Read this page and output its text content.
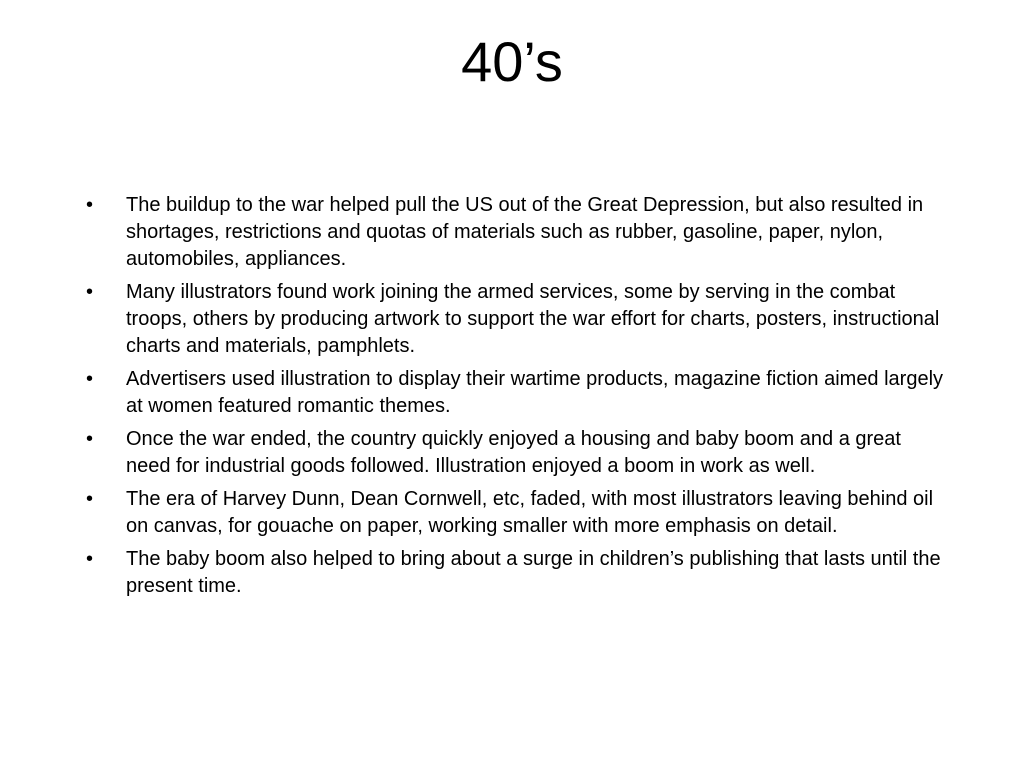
40’s
•	The buildup to the war helped pull the US out of the Great Depression, but also resulted in shortages, restrictions and quotas of materials such as rubber, gasoline, paper, nylon, automobiles, appliances.
•	Many illustrators found work joining the armed services, some by serving in the combat troops, others by producing artwork to support the war effort for charts, posters, instructional charts and materials, pamphlets.
•	Advertisers used illustration to display their wartime products, magazine fiction aimed largely at women featured romantic themes.
•	Once the war ended, the country quickly enjoyed a housing and baby boom and a great need for industrial goods followed. Illustration enjoyed a boom in work as well.
•	The era of Harvey Dunn, Dean Cornwell, etc, faded, with most illustrators leaving behind oil on canvas, for gouache on paper, working smaller with more emphasis on detail.
•	The baby boom also helped to bring about a surge in children’s publishing that lasts until the present time.
